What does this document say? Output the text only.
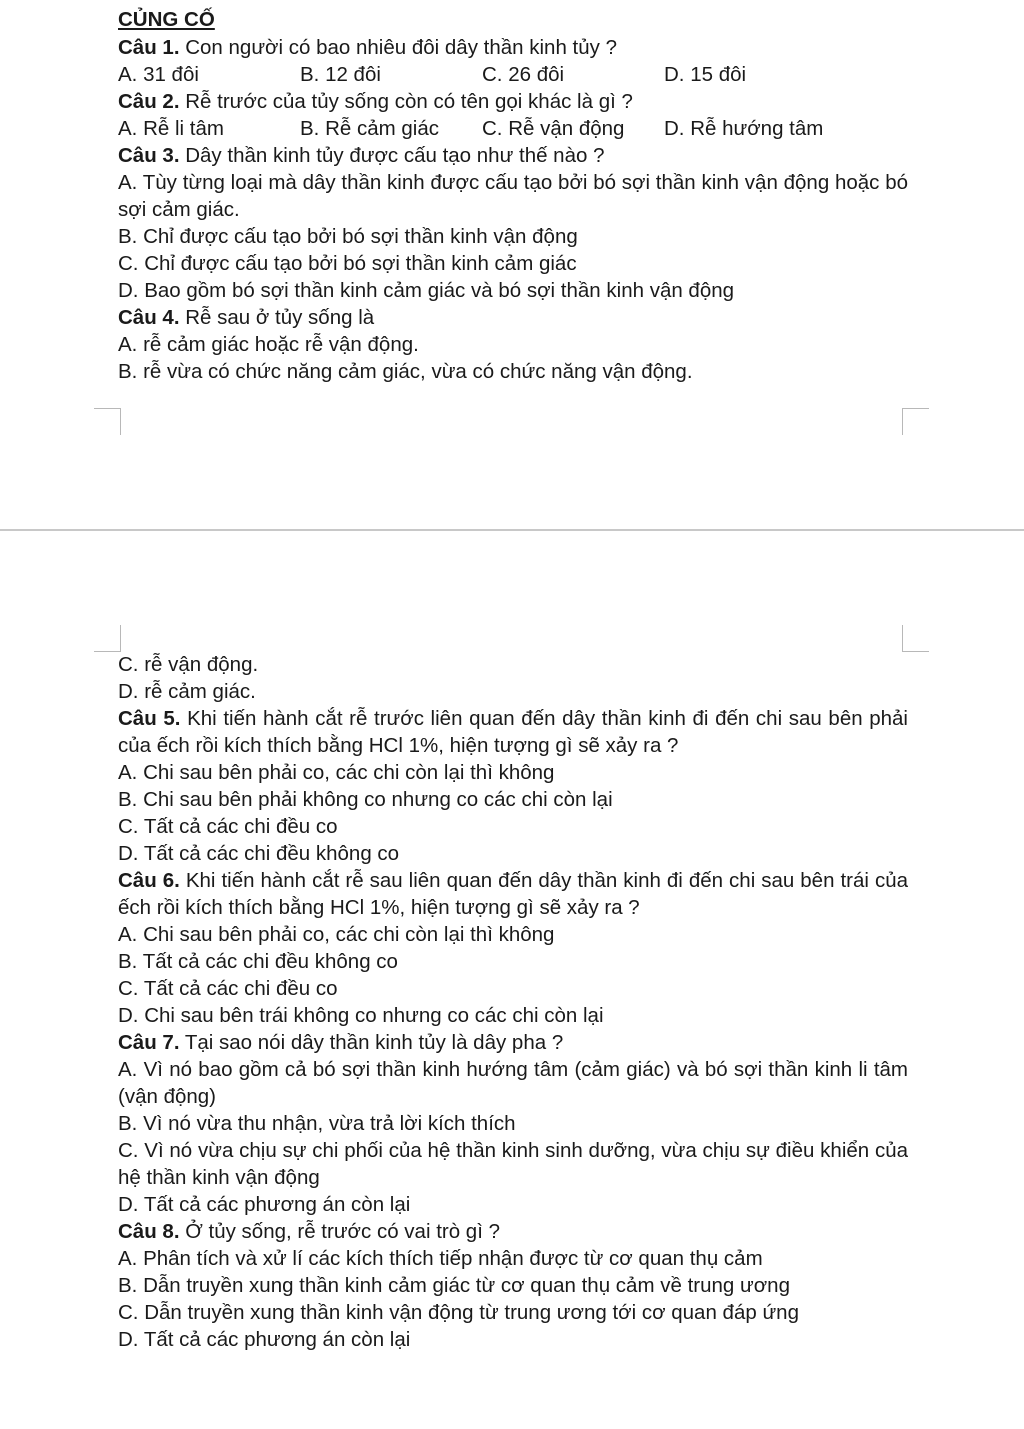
CỦNG CỐ
Câu 1. Con người có bao nhiêu đôi dây thần kinh tủy ?
A. 31 đôi	B. 12 đôi	C. 26 đôi	D. 15 đôi
Câu 2. Rễ trước của tủy sống còn có tên gọi khác là gì ?
A. Rễ li tâm	B. Rễ cảm giác	C. Rễ vận động	D. Rễ hướng tâm
Câu 3. Dây thần kinh tủy được cấu tạo như thế nào ?
A. Tùy từng loại mà dây thần kinh được cấu tạo bởi bó sợi thần kinh vận động hoặc bó sợi cảm giác.
B. Chỉ được cấu tạo bởi bó sợi thần kinh vận động
C. Chỉ được cấu tạo bởi bó sợi thần kinh cảm giác
D. Bao gồm bó sợi thần kinh cảm giác và bó sợi thần kinh vận động
Câu 4. Rễ sau ở tủy sống là
A. rễ cảm giác hoặc rễ vận động.
B. rễ vừa có chức năng cảm giác, vừa có chức năng vận động.
C. rễ vận động.
D. rễ cảm giác.
Câu 5. Khi tiến hành cắt rễ trước liên quan đến dây thần kinh đi đến chi sau bên phải của ếch rồi kích thích bằng HCl 1%, hiện tượng gì sẽ xảy ra ?
A. Chi sau bên phải co, các chi còn lại thì không
B. Chi sau bên phải không co nhưng co các chi còn lại
C. Tất cả các chi đều co
D. Tất cả các chi đều không co
Câu 6. Khi tiến hành cắt rễ sau liên quan đến dây thần kinh đi đến chi sau bên trái của ếch rồi kích thích bằng HCl 1%, hiện tượng gì sẽ xảy ra ?
A. Chi sau bên phải co, các chi còn lại thì không
B. Tất cả các chi đều không co
C. Tất cả các chi đều co
D. Chi sau bên trái không co nhưng co các chi còn lại
Câu 7. Tại sao nói dây thần kinh tủy là dây pha ?
A. Vì nó bao gồm cả bó sợi thần kinh hướng tâm (cảm giác) và bó sợi thần kinh li tâm (vận động)
B. Vì nó vừa thu nhận, vừa trả lời kích thích
C. Vì nó vừa chịu sự chi phối của hệ thần kinh sinh dưỡng, vừa chịu sự điều khiển của hệ thần kinh vận động
D. Tất cả các phương án còn lại
Câu 8. Ở tủy sống, rễ trước có vai trò gì ?
A. Phân tích và xử lí các kích thích tiếp nhận được từ cơ quan thụ cảm
B. Dẫn truyền xung thần kinh cảm giác từ cơ quan thụ cảm về trung ương
C. Dẫn truyền xung thần kinh vận động từ trung ương tới cơ quan đáp ứng
D. Tất cả các phương án còn lại
